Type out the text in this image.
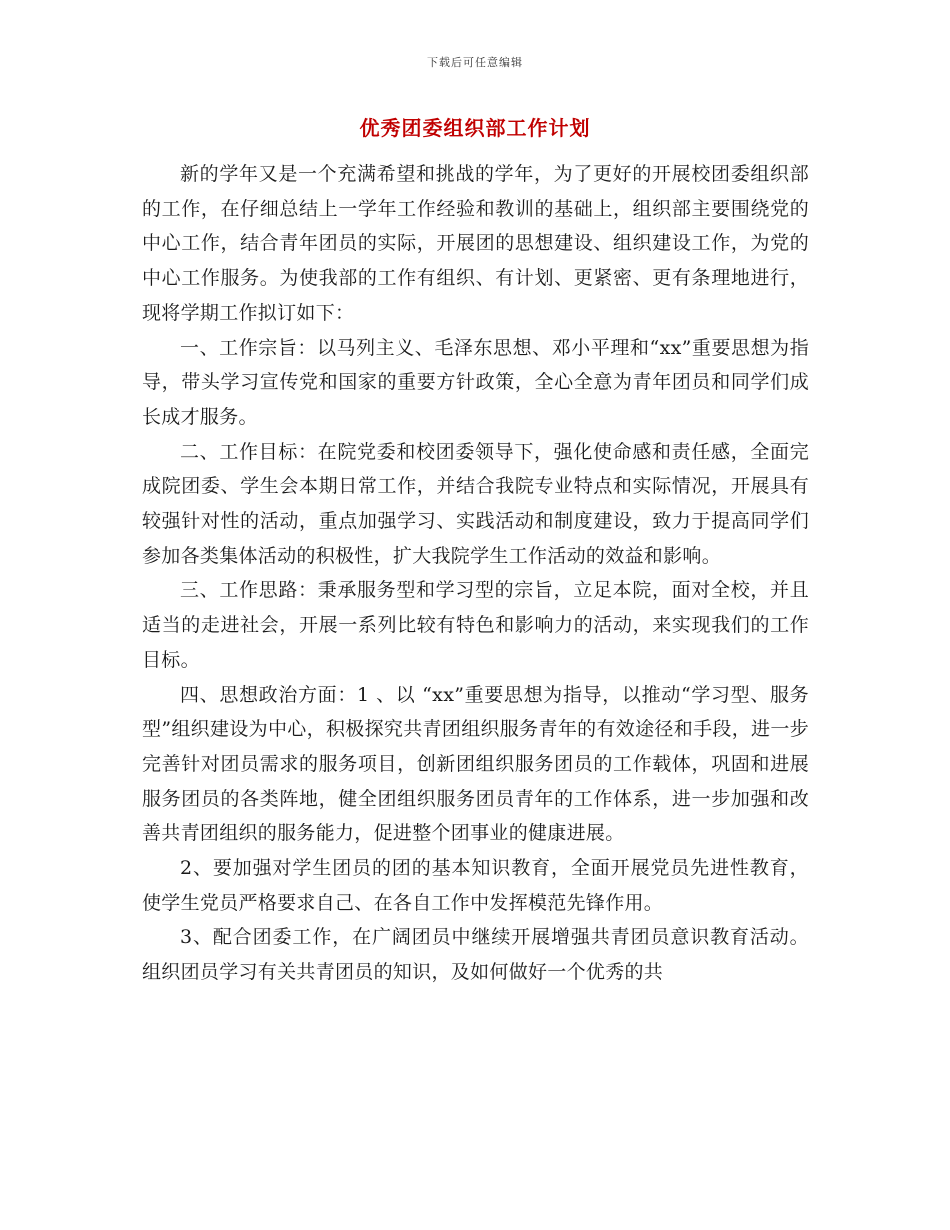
下载后可任意编辑
优秀团委组织部工作计划

新的学年又是一个充满希望和挑战的学年，为了更好的开展校团委组织部的工作，在仔细总结上一学年工作经验和教训的基础上，组织部主要围绕党的中心工作，结合青年团员的实际，开展团的思想建设、组织建设工作，为党的中心工作服务。为使我部的工作有组织、有计划、更紧密、更有条理地进行，现将学期工作拟订如下：

一、工作宗旨：以马列主义、毛泽东思想、邓小平理和“xx”重要思想为指导，带头学习宣传党和国家的重要方针政策，全心全意为青年团员和同学们成长成才服务。

二、工作目标：在院党委和校团委领导下，强化使命感和责任感，全面完成院团委、学生会本期日常工作，并结合我院专业特点和实际情况，开展具有较强针对性的活动，重点加强学习、实践活动和制度建设，致力于提高同学们参加各类集体活动的积极性，扩大我院学生工作活动的效益和影响。

三、工作思路：秉承服务型和学习型的宗旨，立足本院，面对全校，并且适当的走进社会，开展一系列比较有特色和影响力的活动，来实现我们的工作目标。

四、思想政治方面：1 、以 “xx”重要思想为指导，以推动“学习型、服务型”组织建设为中心，积极探究共青团组织服务青年的有效途径和手段，进一步完善针对团员需求的服务项目，创新团组织服务团员的工作载体，巩固和进展服务团员的各类阵地，健全团组织服务团员青年的工作体系，进一步加强和改善共青团组织的服务能力，促进整个团事业的健康进展。

2、要加强对学生团员的团的基本知识教育，全面开展党员先进性教育，使学生党员严格要求自己、在各自工作中发挥模范先锋作用。

3、配合团委工作，在广阔团员中继续开展增强共青团员意识教育活动。组织团员学习有关共青团员的知识，及如何做好一个优秀的共
